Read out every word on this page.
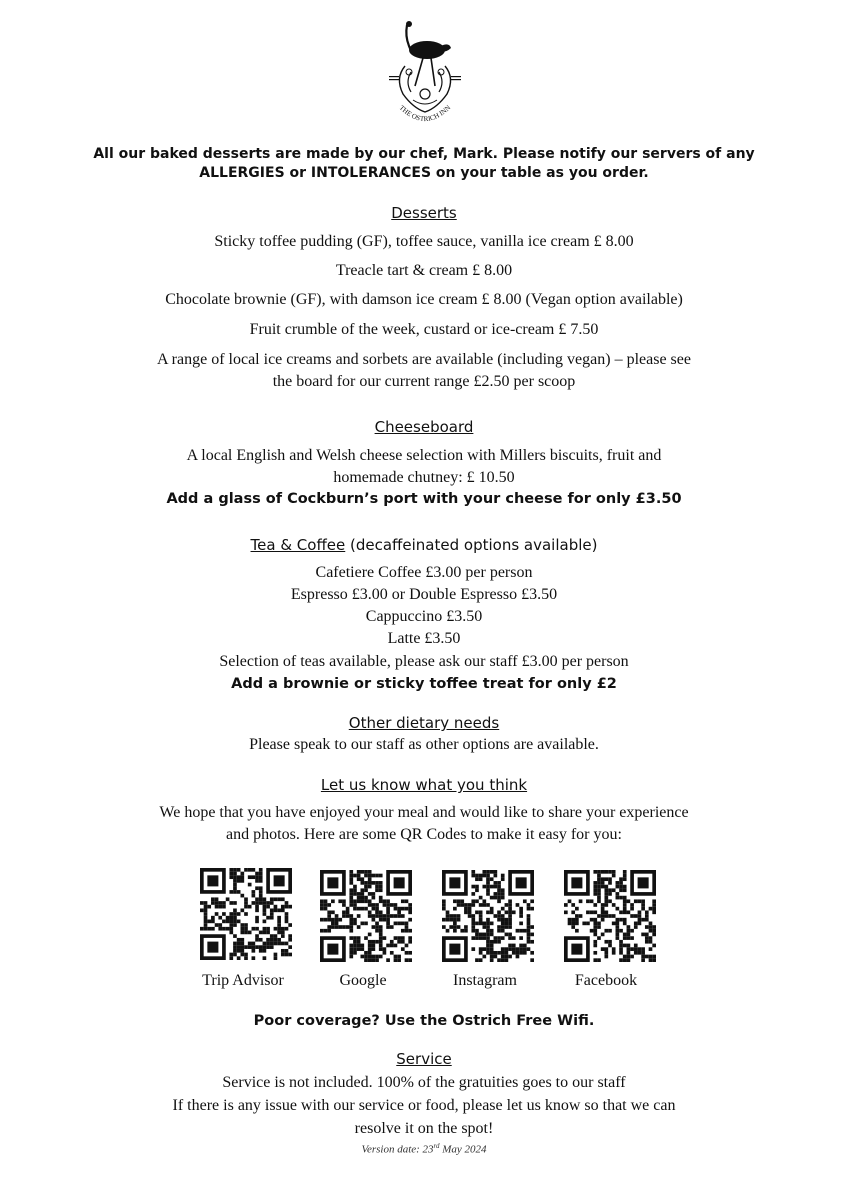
THE OSTRICH INN
All our baked desserts are made by our chef, Mark. Please notify our servers of any
ALLERGIES or INTOLERANCES on your table as you order.
Desserts
Sticky toffee pudding (GF), toffee sauce, vanilla ice cream £ 8.00
Treacle tart & cream £ 8.00
Chocolate brownie (GF), with damson ice cream £ 8.00 (Vegan option available)
Fruit crumble of the week, custard or ice-cream £ 7.50
A range of local ice creams and sorbets are available (including vegan) – please see
the board for our current range £2.50 per scoop
Cheeseboard
A local English and Welsh cheese selection with Millers biscuits, fruit and
homemade chutney: £ 10.50
Add a glass of Cockburn’s port with your cheese for only £3.50
Tea & Coffee (decaffeinated options available)
Cafetiere Coffee £3.00 per person
Espresso £3.00 or Double Espresso £3.50
Cappuccino £3.50
Latte £3.50
Selection of teas available, please ask our staff £3.00 per person
Add a brownie or sticky toffee treat for only £2
Other dietary needs
Please speak to our staff as other options are available.
Let us know what you think
We hope that you have enjoyed your meal and would like to share your experience
and photos. Here are some QR Codes to make it easy for you:
Trip Advisor	Google	Instagram	Facebook
Poor coverage? Use the Ostrich Free Wifi.
Service
Service is not included. 100% of the gratuities goes to our staff
If there is any issue with our service or food, please let us know so that we can
resolve it on the spot!
Version date: 23rd May 2024
